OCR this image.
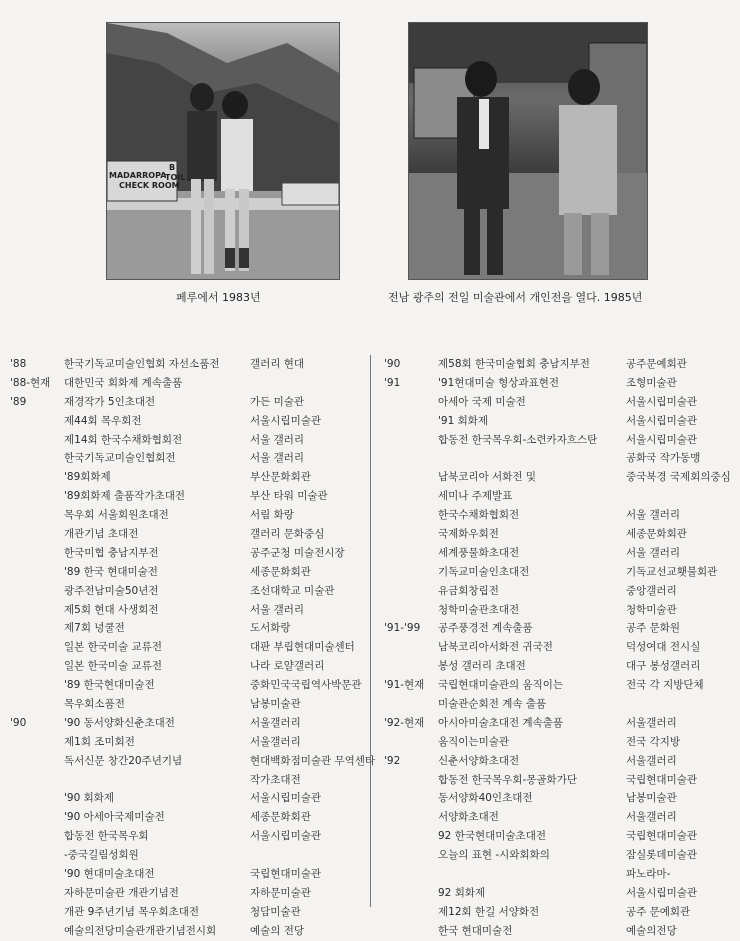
MADARROPA
CHECK ROOM
B
TOIL
페루에서 1983년	전남 광주의 전일 미술관에서 개인전을 열다. 1985년
'88	한국기독교미술인협회 자선소품전	갤러리 현대
'88-현재 대한민국 회화제 계속출품
'89	재경작가 5인초대전	가든 미술관
제44회 목우회전	서울시립미술관
제14회 한국수채화협회전	서울 갤러리
한국기독교미술인협회전	서울 갤러리
'89회화제	부산문화회관
'89회화제 출품작가초대전	부산 타워 미술관
목우회 서울회원초대전	서림 화랑
개관기념 초대전	갤러리 문화중심
한국미협 충남지부전	공주군청 미술전시장
'89 한국 현대미술전	세종문화회관
광주전남미술50년전	조선대학교 미술관
제5회 현대 사생회전	서울 갤러리
제7회 녕쿨전	도서화랑
일본 한국미술 교류전	대판 부립현대미술센터
일본 한국미술 교류전	나라 로얄갤러리
'89 한국현대미술전	중화민국국립역사박문관
목우회소품전	남봉미술관
'90	'90 동서양화신춘초대전	서울갤러리
제1회 조미회전	서울갤러리
독서신문 창간20주년기념	현대백화점미술관 무역센타
작가초대전
'90 회화제	서울시립미술관
'90 아세아국제미술전	세종문화회관
합동전 한국목우회	서울시립미술관
-중국길림성회원
'90 현대미술초대전	국립현대미술관
자하문미술관 개관기념전	자하문미술관
개관 9주년기념 목우회초대전	청담미술관
예술의전당미술관개관기념전시회	예술의 전당
'90	제58회 한국미술협회 충남지부전	공주문예회관
'91	'91현대미술 형상과표현전	조형미술관
아세아 국제 미술전	서울시립미술관
'91 회화제	서울시립미술관
합동전 한국목우회-소련카자흐스탄	서울시립미술관
공화국 작가동맹
남북코리아 서화전 및	중국북경 국제회의중심
세미나 주제발표
한국수채화협회전	서울 갤러리
국제화우회전	세종문화회관
세계풍물화초대전	서울 갤러리
기독교미술인초대전	기독교선교횃불회관
유금회창립전	중앙갤러리
청학미술관초대전	청학미술관
'91-'99 공주풍경전 계속출품	공주 문화원
남북코리아서화전 귀국전	덕성여대 전시실
봉성 갤러리 초대전	대구 봉성갤러리
'91-현재 국립현대미술관의 움직이는	전국 각 지방단체
미술관순회전 계속 출품
'92-현재 아시아미술초대전 계속출품	서울갤러리
움직이는미술관	전국 각지방
'92	신춘서양화초대전	서울갤러리
합동전 한국목우회-몽골화가단	국립현대미술관
동서양화40인초대전	남봉미술관
서양화초대전	서울갤러리
92 한국현대미술초대전	국립현대미술관
오늘의 표현 -시와회화의	잠실롯데미술관
파노라마-
92 회화제	서울시립미술관
제12회 한길 서양화전	공주 문예회관
한국 현대미술전	예술의전당
